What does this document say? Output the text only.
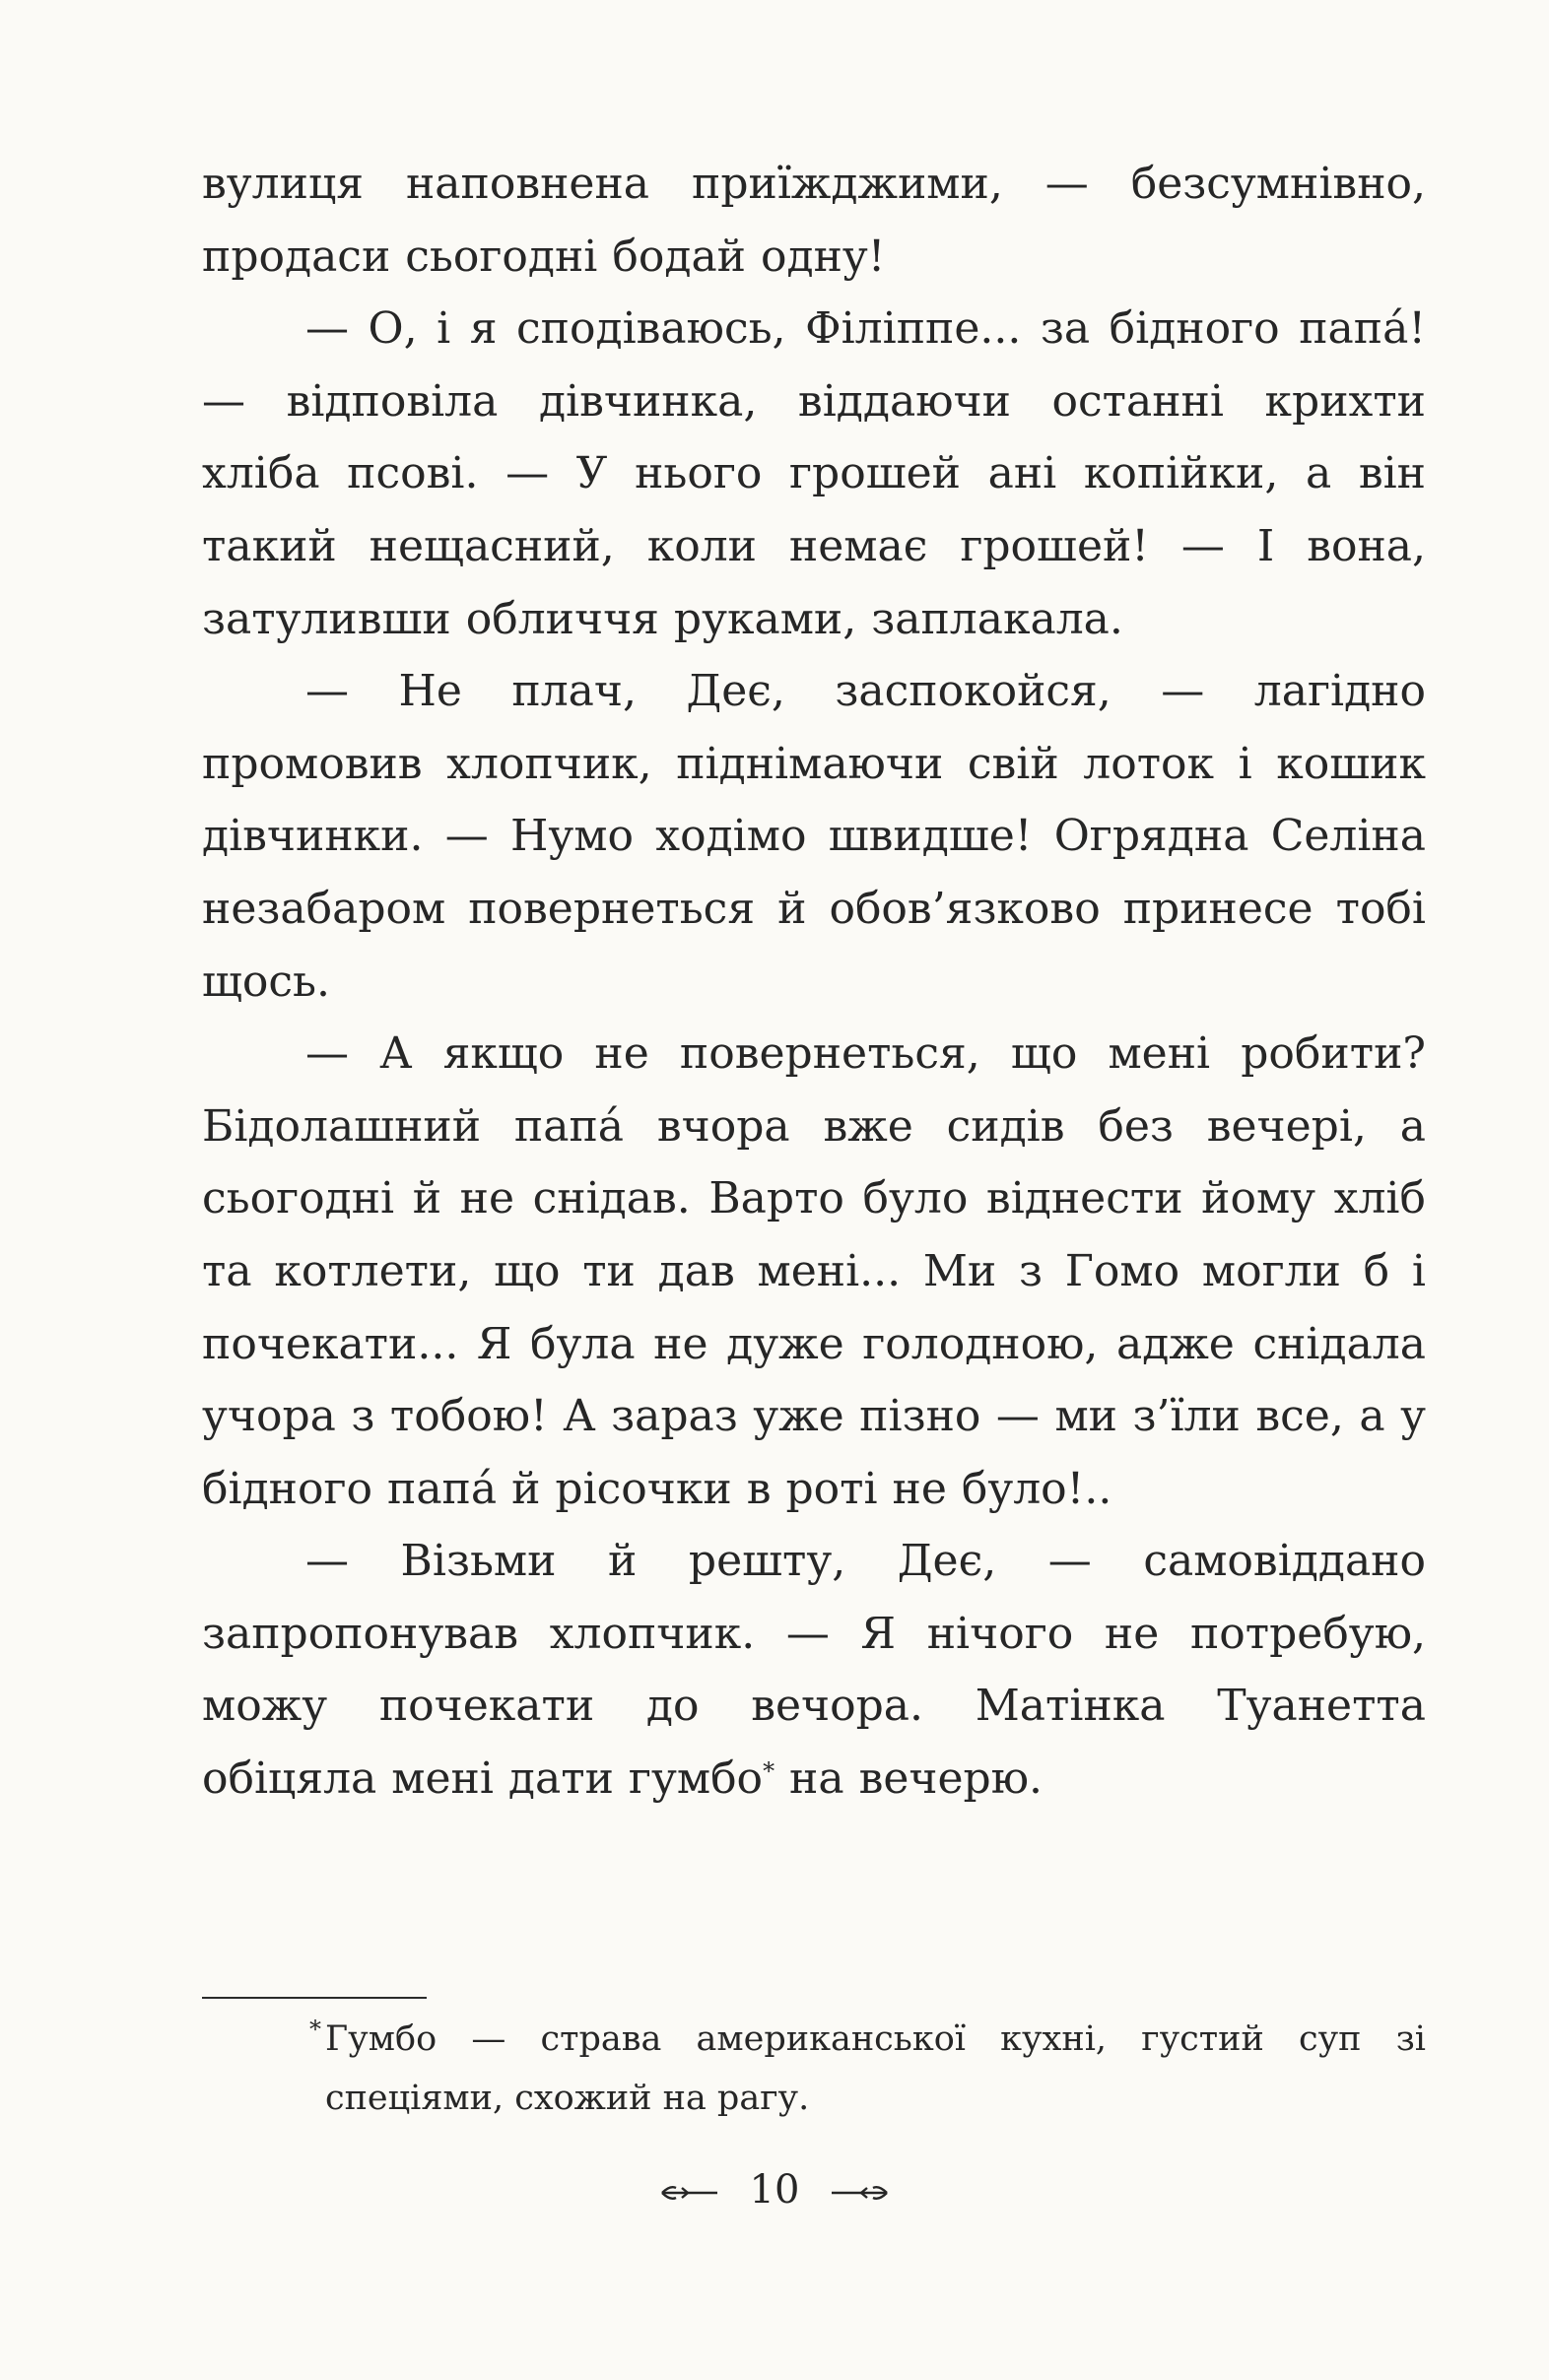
вулиця наповнена приїжджими, — безсумнівно, продаси сьогодні бодай одну!

— О, і я сподіваюсь, Філіппе... за бідного папá! — відповіла дівчинка, віддаючи останні крихти хліба псові. — У нього грошей ані копійки, а він такий нещасний, коли немає грошей! — І вона, затуливши обличчя руками, заплакала.

— Не плач, Деє, заспокойся, — лагідно промовив хлопчик, піднімаючи свій лоток і кошик дівчинки. — Нумо ходімо швидше! Огрядна Селіна незабаром повернеться й обов’язково принесе тобі щось.

— А якщо не повернеться, що мені робити? Бідолашний папá вчора вже сидів без вечері, а сьогодні й не снідав. Варто було віднести йому хліб та котлети, що ти дав мені... Ми з Гомо могли б і почекати... Я була не дуже голодною, адже снідала учора з тобою! А зараз уже пізно — ми з’їли все, а у бідного папá й рісочки в роті не було!..

— Візьми й решту, Деє, — самовіддано запропонував хлопчик. — Я нічого не потребую, можу почекати до вечора. Матінка Туанетта обіцяла мені дати гумбо* на вечерю.

* Гумбо — страва американської кухні, густий суп зі спеціями, схожий на рагу.
10
